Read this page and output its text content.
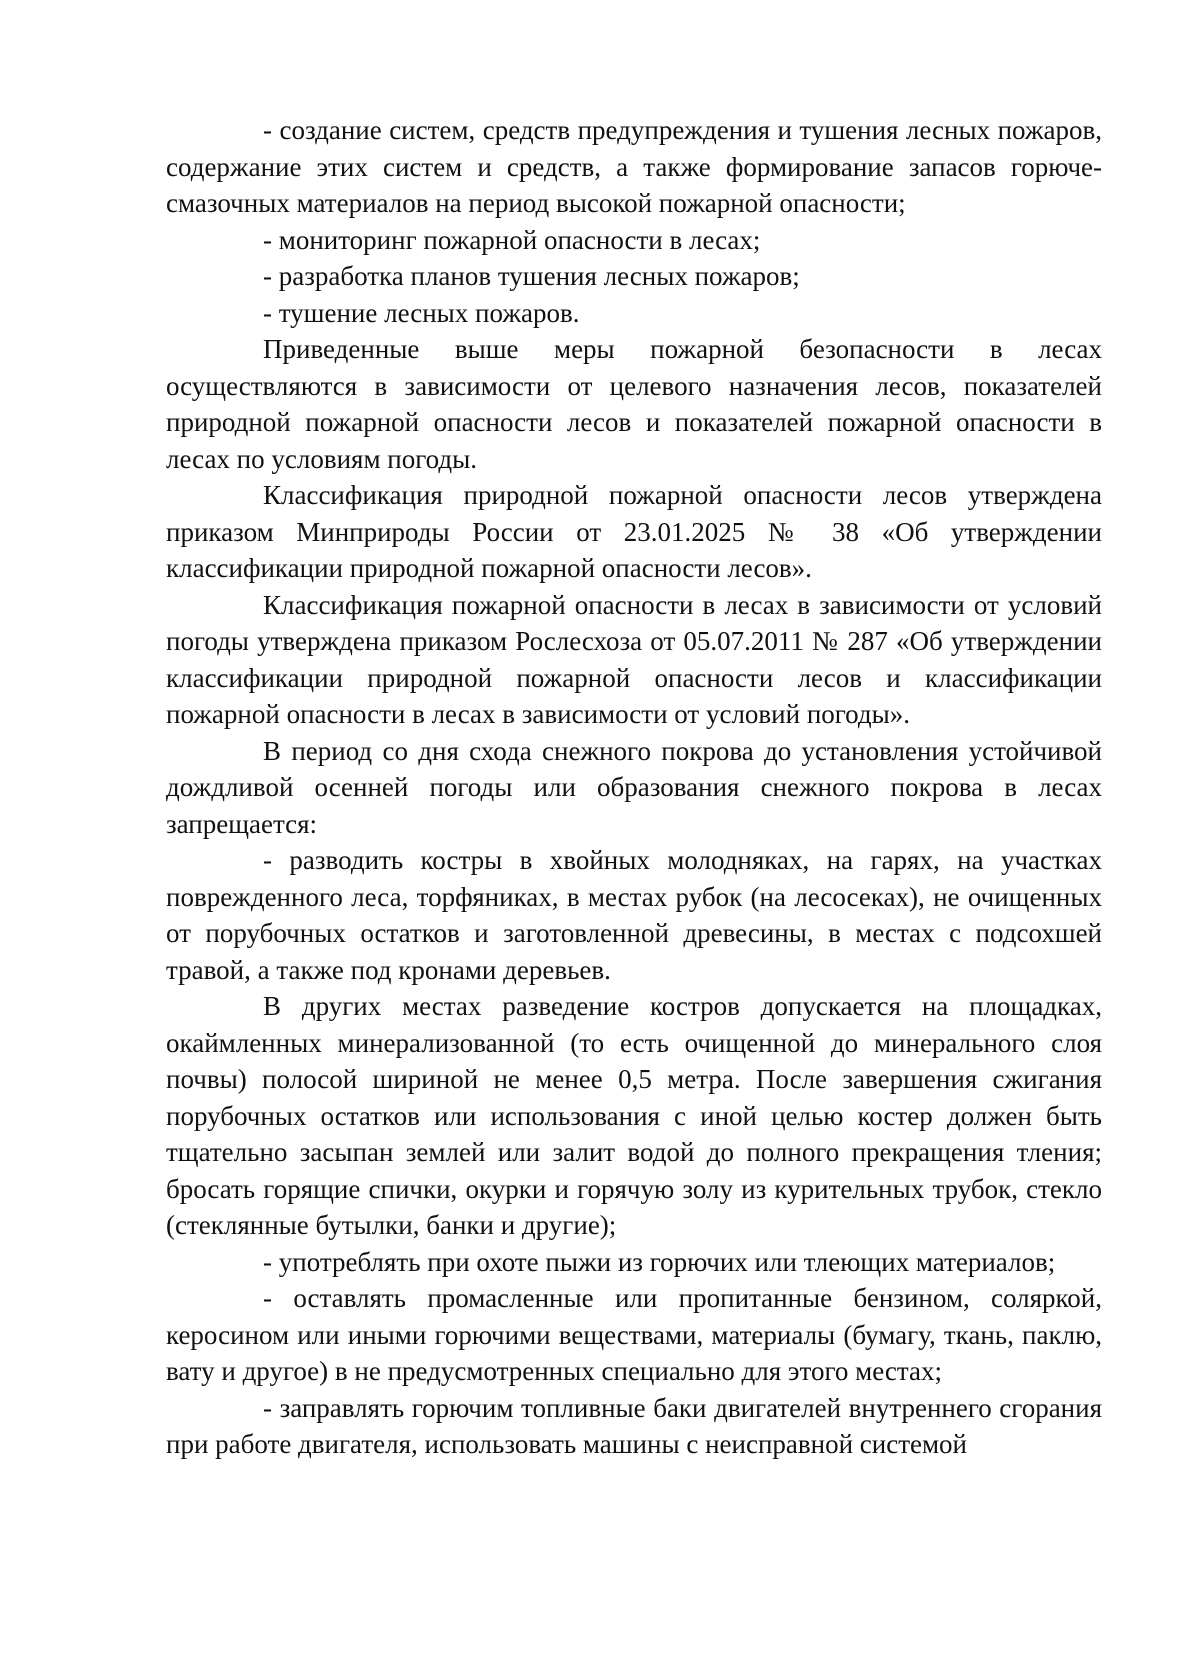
- создание систем, средств предупреждения и тушения лесных пожаров, содержание этих систем и средств, а также формирование запасов горюче-смазочных материалов на период высокой пожарной опасности;

- мониторинг пожарной опасности в лесах;

- разработка планов тушения лесных пожаров;

- тушение лесных пожаров.

Приведенные выше меры пожарной безопасности в лесах осуществляются в зависимости от целевого назначения лесов, показателей природной пожарной опасности лесов и показателей пожарной опасности в лесах по условиям погоды.

Классификация природной пожарной опасности лесов утверждена приказом Минприроды России от 23.01.2025 № 38 «Об утверждении классификации природной пожарной опасности лесов».

Классификация пожарной опасности в лесах в зависимости от условий погоды утверждена приказом Рослесхоза от 05.07.2011 № 287 «Об утверждении классификации природной пожарной опасности лесов и классификации пожарной опасности в лесах в зависимости от условий погоды».

В период со дня схода снежного покрова до установления устойчивой дождливой осенней погоды или образования снежного покрова в лесах запрещается:

- разводить костры в хвойных молодняках, на гарях, на участках поврежденного леса, торфяниках, в местах рубок (на лесосеках), не очищенных от порубочных остатков и заготовленной древесины, в местах с подсохшей травой, а также под кронами деревьев.

В других местах разведение костров допускается на площадках, окаймленных минерализованной (то есть очищенной до минерального слоя почвы) полосой шириной не менее 0,5 метра. После завершения сжигания порубочных остатков или использования с иной целью костер должен быть тщательно засыпан землей или залит водой до полного прекращения тления; бросать горящие спички, окурки и горячую золу из курительных трубок, стекло (стеклянные бутылки, банки и другие);

- употреблять при охоте пыжи из горючих или тлеющих материалов;

- оставлять промасленные или пропитанные бензином, соляркой, керосином или иными горючими веществами, материалы (бумагу, ткань, паклю, вату и другое) в не предусмотренных специально для этого местах;

- заправлять горючим топливные баки двигателей внутреннего сгорания при работе двигателя, использовать машины с неисправной системой
